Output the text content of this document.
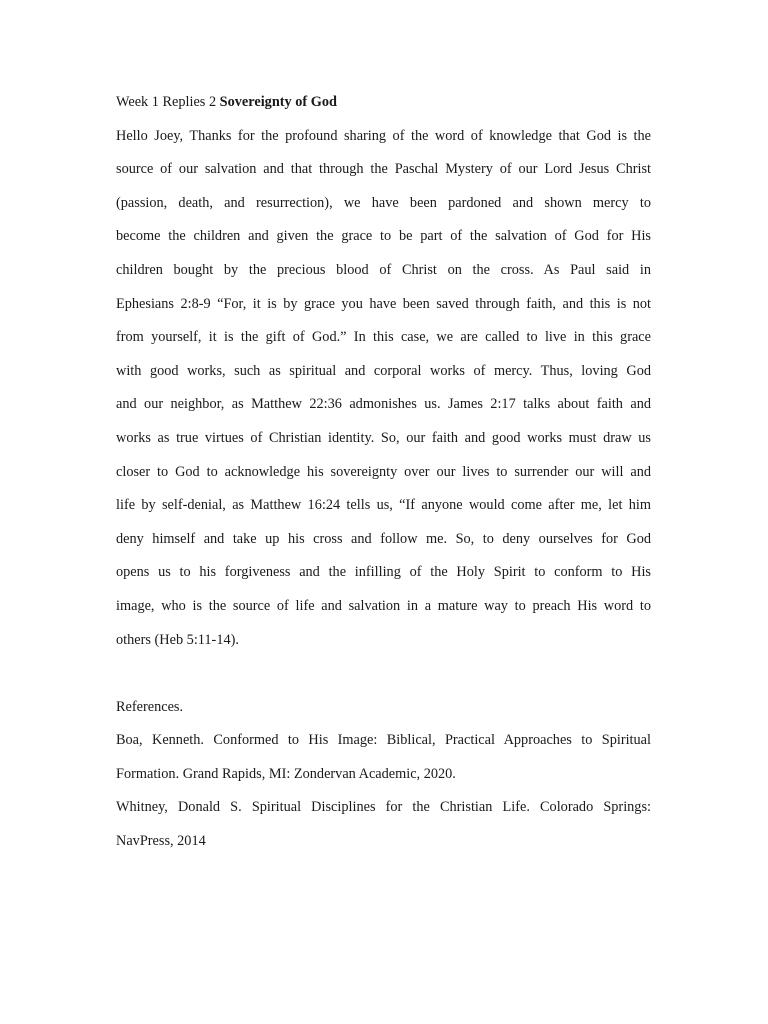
Week 1 Replies 2 Sovereignty of God

Hello Joey, Thanks for the profound sharing of the word of knowledge that God is the

source of our salvation and that through the Paschal Mystery of our Lord Jesus Christ

(passion, death, and resurrection), we have been pardoned and shown mercy to

become the children and given the grace to be part of the salvation of God for His

children bought by the precious blood of Christ on the cross. As Paul said in

Ephesians 2:8-9 “For, it is by grace you have been saved through faith, and this is not

from yourself, it is the gift of God.” In this case, we are called to live in this grace

with good works, such as spiritual and corporal works of mercy. Thus, loving God

and our neighbor, as Matthew 22:36 admonishes us. James 2:17 talks about faith and

works as true virtues of Christian identity. So, our faith and good works must draw us

closer to God to acknowledge his sovereignty over our lives to surrender our will and

life by self-denial, as Matthew 16:24 tells us, “If anyone would come after me, let him

deny himself and take up his cross and follow me. So, to deny ourselves for God

opens us to his forgiveness and the infilling of the Holy Spirit to conform to His

image, who is the source of life and salvation in a mature way to preach His word to

others (Heb 5:11-14).

References.

Boa, Kenneth. Conformed to His Image: Biblical, Practical Approaches to Spiritual

Formation. Grand Rapids, MI: Zondervan Academic, 2020.

Whitney, Donald S. Spiritual Disciplines for the Christian Life. Colorado Springs:

NavPress, 2014
